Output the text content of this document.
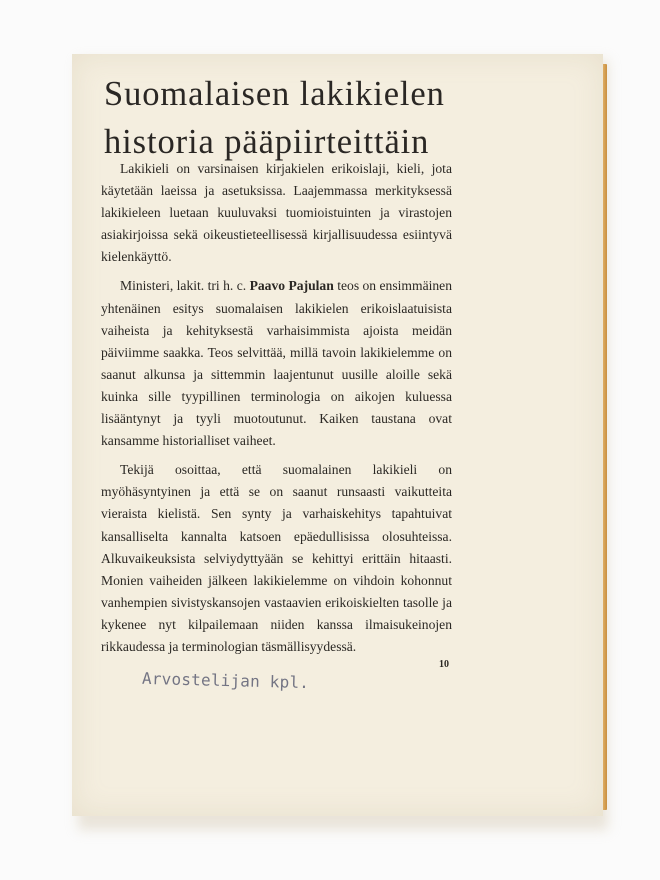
Suomalaisen lakikielen
historia pääpiirteittäin

Lakikieli on varsinaisen kirjakielen erikoislaji, kieli, jota käytetään laeissa ja asetuksissa. Laajemmassa merkityksessä lakikieleen luetaan kuuluvaksi tuomioistuinten ja virastojen asiakirjoissa sekä oikeustieteellisessä kirjallisuudessa esiintyvä kielenkäyttö.

Ministeri, lakit. tri h. c. Paavo Pajulan teos on ensimmäinen yhtenäinen esitys suomalaisen lakikielen erikoislaatuisista vaiheista ja kehityksestä varhaisimmista ajoista meidän päiviimme saakka. Teos selvittää, millä tavoin lakikielemme on saanut alkunsa ja sittemmin laajentunut uusille aloille sekä kuinka sille tyypillinen terminologia on aikojen kuluessa lisääntynyt ja tyyli muotoutunut. Kaiken taustana ovat kansamme historialliset vaiheet.

Tekijä osoittaa, että suomalainen lakikieli on myöhäsyntyinen ja että se on saanut runsaasti vaikutteita vieraista kielistä. Sen synty ja varhaiskehitys tapahtuivat kansalliselta kannalta katsoen epäedullisissa olosuhteissa. Alkuvaikeuksista selviydyttyään se kehittyi erittäin hitaasti. Monien vaiheiden jälkeen lakikielemme on vihdoin kohonnut vanhempien sivistyskansojen vastaavien erikoiskielten tasolle ja kykenee nyt kilpailemaan niiden kanssa ilmaisukeinojen rikkaudessa ja terminologian täsmällisyydessä.

10
Arvostelijan kpl.
